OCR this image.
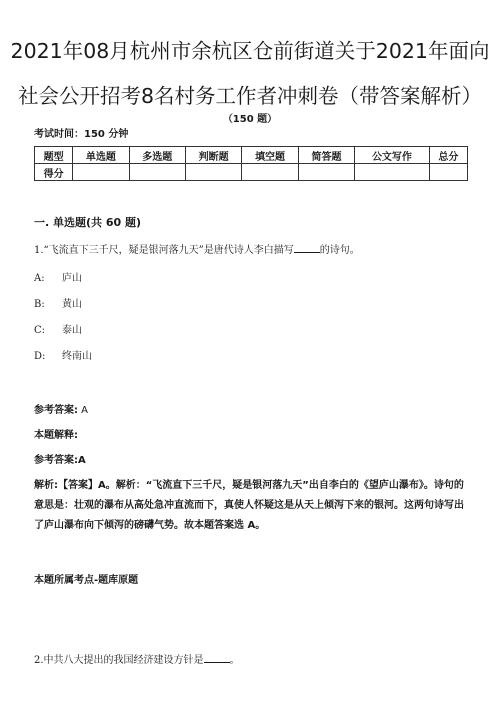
2021年08月杭州市余杭区仓前街道关于2021年面向
社会公开招考8名村务工作者冲刺卷（带答案解析）
（150 题）
考试时间：150 分钟
题型	单选题	多选题	判断题	填空题	简答题	公文写作	总分
得分							
一. 单选题(共 60 题)
1.“飞流直下三千尺，疑是银河落九天”是唐代诗人李白描写	的诗句。
A: 庐山
B: 黄山
C: 泰山
D: 终南山
参考答案: A
本题解释:
参考答案:A
解析:【答案】A。解析：“飞流直下三千尺，疑是银河落九天”出自李白的《望庐山瀑布》。诗句的意思是：壮观的瀑布从高处急冲直流而下，真使人怀疑这是从天上倾泻下来的银河。这两句诗写出了庐山瀑布向下倾泻的磅礴气势。故本题答案选 A。
本题所属考点-题库原题
2.中共八大提出的我国经济建设方针是	。
